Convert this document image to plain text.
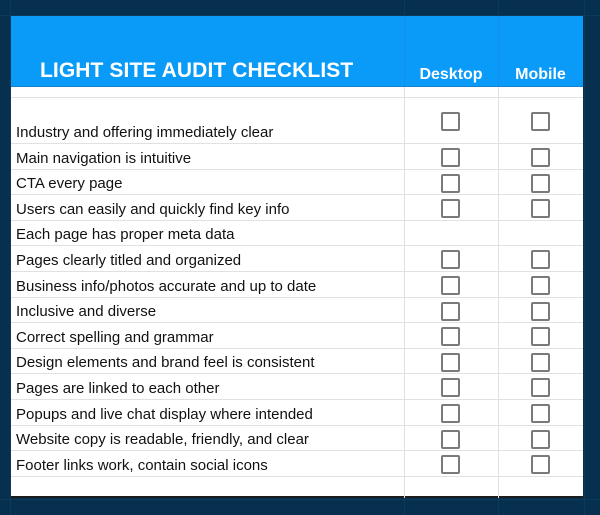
LIGHT SITE AUDIT CHECKLIST	Desktop	Mobile
Industry and offering immediately clear
Main navigation is intuitive
CTA every page
Users can easily and quickly find key info
Each page has proper meta data
Pages clearly titled and organized
Business info/photos accurate and up to date
Inclusive and diverse
Correct spelling and grammar
Design elements and brand feel is consistent
Pages are linked to each other
Popups and live chat display where intended
Website copy is readable, friendly, and clear
Footer links work, contain social icons
